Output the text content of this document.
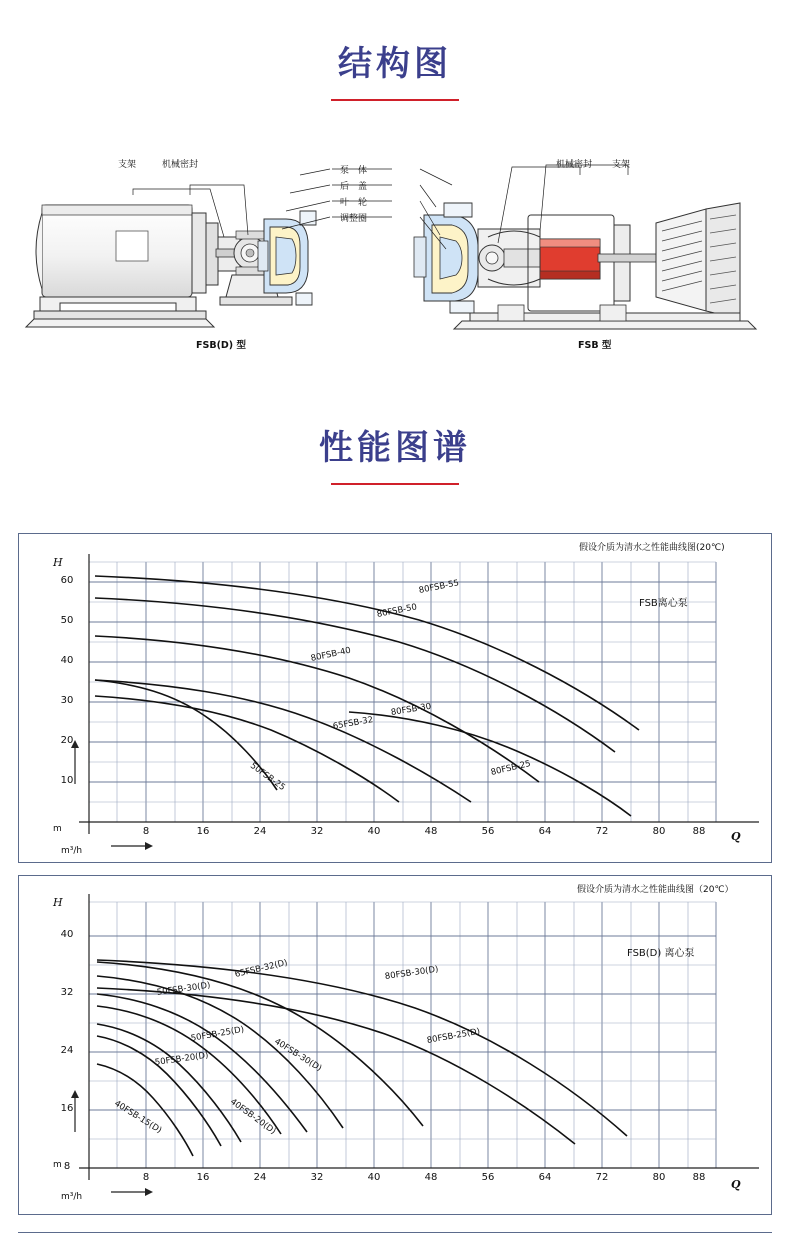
结构图
支架	机械密封
泵　体
后　盖
叶　轮
调整圈
机械密封 支架
FSB(D) 型	FSB 型
性能图谱
假设介质为清水之性能曲线图(20℃)
H
m
Q
m³/h
60
50
40
30
20
10
8	16	24	32	40	48	56	64	72	80	88
FSB离心泵
80FSB-55
80FSB-50
80FSB-40
80FSB-30
65FSB-32
50FSB-25	80FSB-25
假设介质为清水之性能曲线图（20℃）
H
m
Q
m³/h
40
32
24
16
8
8	16	24	32	40	48	56	64	72	80	88
FSB(D) 离心泵
80FSB-30(D)
80FSB-25(D)
65FSB-32(D)
50FSB-30(D)
50FSB-25(D)
40FSB-30(D)
50FSB-20(D)
40FSB-20(D)
40FSB-15(D)
